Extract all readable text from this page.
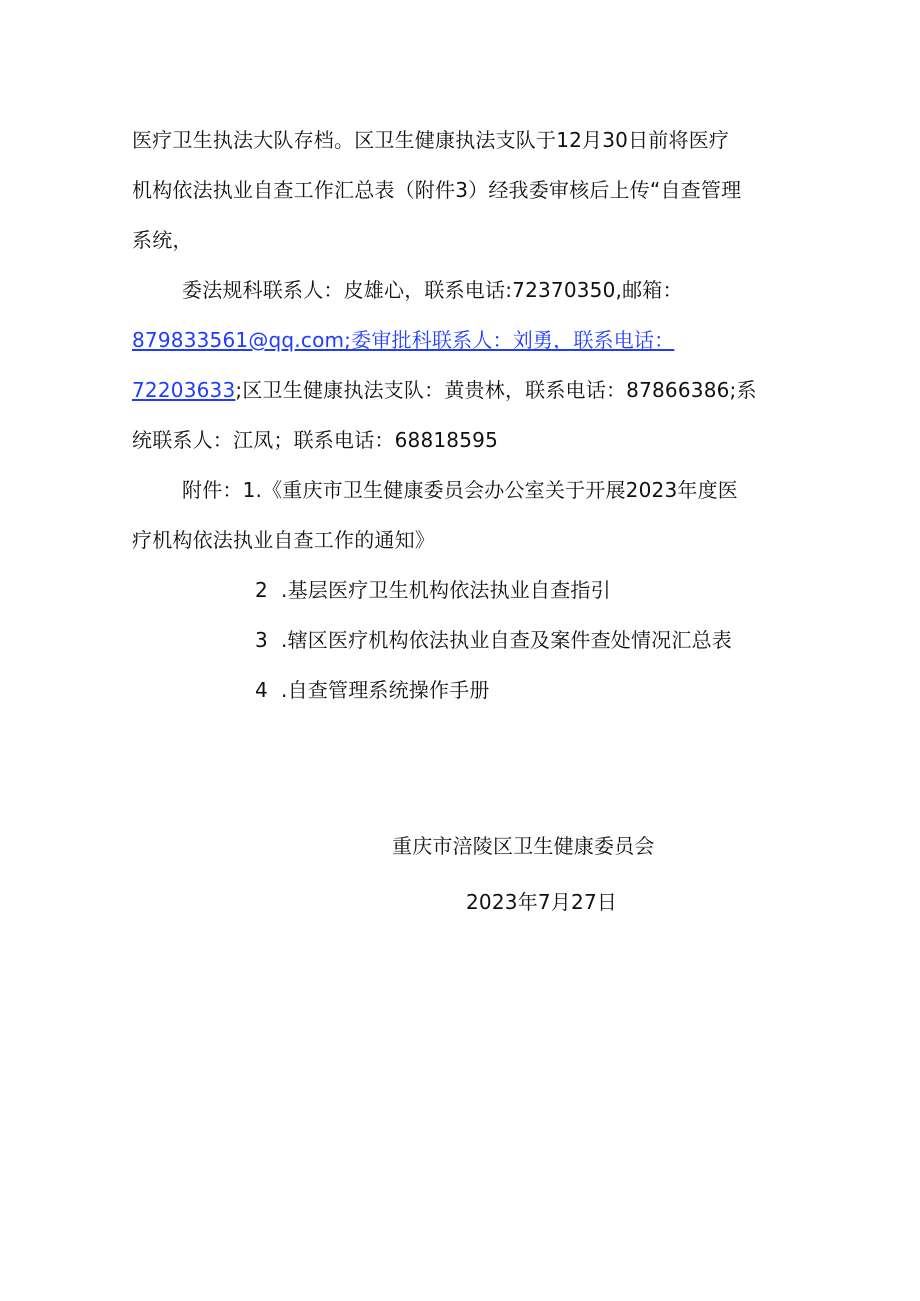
医疗卫生执法大队存档。区卫生健康执法支队于12月30日前将医疗
机构依法执业自查工作汇总表（附件3）经我委审核后上传“自查管理
系统，
委法规科联系人：皮雄心，联系电话:72370350,邮箱：
879833561@qq.com;委审批科联系人：刘勇，联系电话：
72203633;区卫生健康执法支队：黄贵林，联系电话：87866386;系
统联系人：江凤；联系电话：68818595
附件：1.《重庆市卫生健康委员会办公室关于开展2023年度医
疗机构依法执业自查工作的通知》
2  .基层医疗卫生机构依法执业自查指引
3  .辖区医疗机构依法执业自查及案件查处情况汇总表
4  .自查管理系统操作手册
重庆市涪陵区卫生健康委员会
2023年7月27日
